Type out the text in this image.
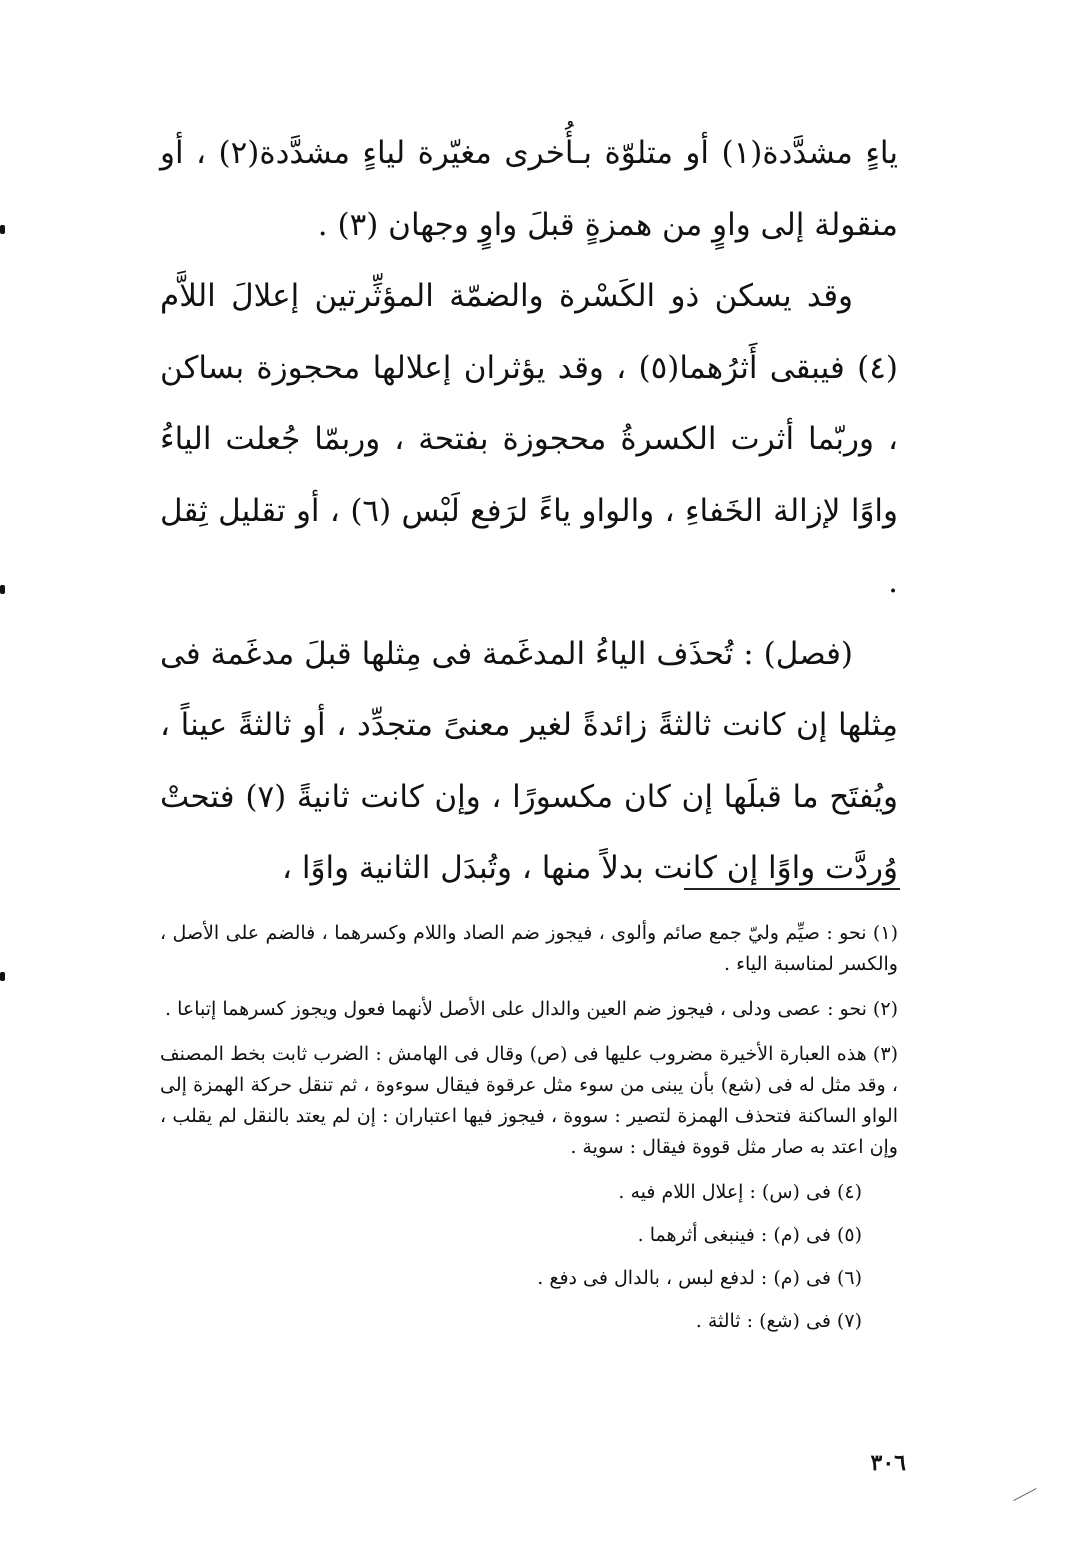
ياءٍ مشدَّدة(١) أو متلوّة بـأُخرى مغيّرة لياءٍ مشدَّدة(٢) ، أو منقولة إلى واوٍ من همزةٍ قبلَ واوٍ وجهان (٣) .

وقد يسكن ذو الكَسْرة والضمّة المؤثِّرتين إعلالَ اللاَّم (٤) فيبقى أَثرُهما(٥) ، وقد يؤثران إعلالها محجوزة بساكن ، وربّما أثرت الكسرةُ محجوزة بفتحة ، وربمّا جُعلت الياءُ واوًا لإزالة الخَفاءِ ، والواو ياءً لرَفع لَبْس (٦) ، أو تقليل ثِقل .

(فصل) : تُحذَف الياءُ المدغَمة فى مِثلها قبلَ مدغَمة فى مِثلها إن كانت ثالثةً زائدةً لغير معنىً متجدِّد ، أو ثالثةً عيناً ، ويُفتَح ما قبلَها إن كان مكسورًا ، وإن كانت ثانيةً (٧) فتحتْ وُردَّت واوًا إن كانت بدلاً منها ، وتُبدَل الثانية واوًا ،

(١) نحو : صيِّم وليّ جمع صائم وألوى ، فيجوز ضم الصاد واللام وكسرهما ، فالضم على الأصل ، والكسر لمناسبة الياء .

(٢) نحو : عصى ودلى ، فيجوز ضم العين والدال على الأصل لأنهما فعول ويجوز كسرهما إتباعا .

(٣) هذه العبارة الأخيرة مضروب عليها فى (ص) وقال فى الهامش : الضرب ثابت بخط المصنف ، وقد مثل له فى (شع) بأن يبنى من سوء مثل عرقوة فيقال سوءوة ، ثم تنقل حركة الهمزة إلى الواو الساكنة فتحذف الهمزة لتصير : سووة ، فيجوز فيها اعتباران : إن لم يعتد بالنقل لم يقلب ، وإن اعتد به صار مثل قووة فيقال : سوية .

(٤) فى (س) : إعلال اللام فيه .

(٥) فى (م) : فينبغى أثرهما .

(٦) فى (م) : لدفع لبس ، بالدال فى دفع .

(٧) فى (شع) : ثالثة .

٣٠٦
